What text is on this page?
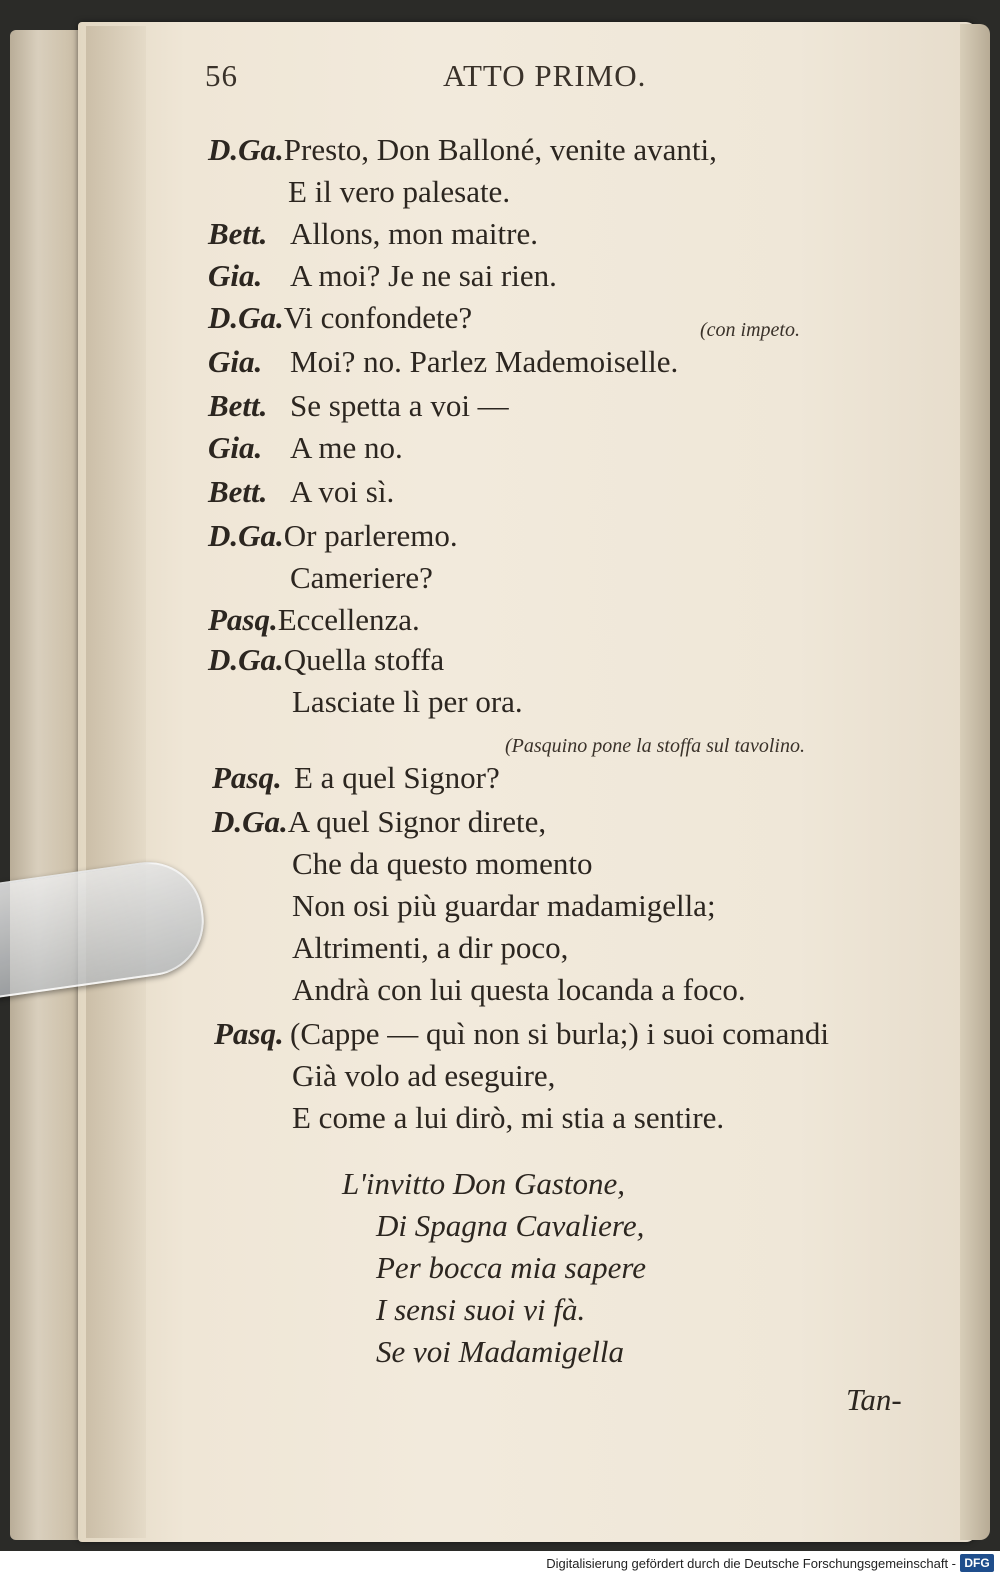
56	ATTO PRIMO.
D.Ga.Presto, Don Balloné, venite avanti,
E il vero palesate.
Bett. Allons, mon maitre.
Gia. A moi? Je ne sai rien.
D.Ga.Vi confondete?	(con impeto.
Gia. Moi? no. Parlez Mademoiselle.
Bett. Se spetta a voi —
Gia. A me no.
Bett. A voi sì.
D.Ga.Or parleremo.
Cameriere?
Pasq.Eccellenza.
D.Ga.Quella stoffa
Lasciate lì per ora.
(Pasquino pone la stoffa sul tavolino.
Pasq. E a quel Signor?
D.Ga.A quel Signor direte,
Che da questo momento
Non osi più guardar madamigella;
Altrimenti, a dir poco,
Andrà con lui questa locanda a foco.
Pasq. (Cappe — quì non si burla;) i suoi comandi
Già volo ad eseguire,
E come a lui dirò, mi stia a sentire.
L'invitto Don Gastone,
Di Spagna Cavaliere,
Per bocca mia sapere
I sensi suoi vi fà.
Se voi Madamigella
Tan-
Digitalisierung gefördert durch die Deutsche Forschungsgemeinschaft - DFG
